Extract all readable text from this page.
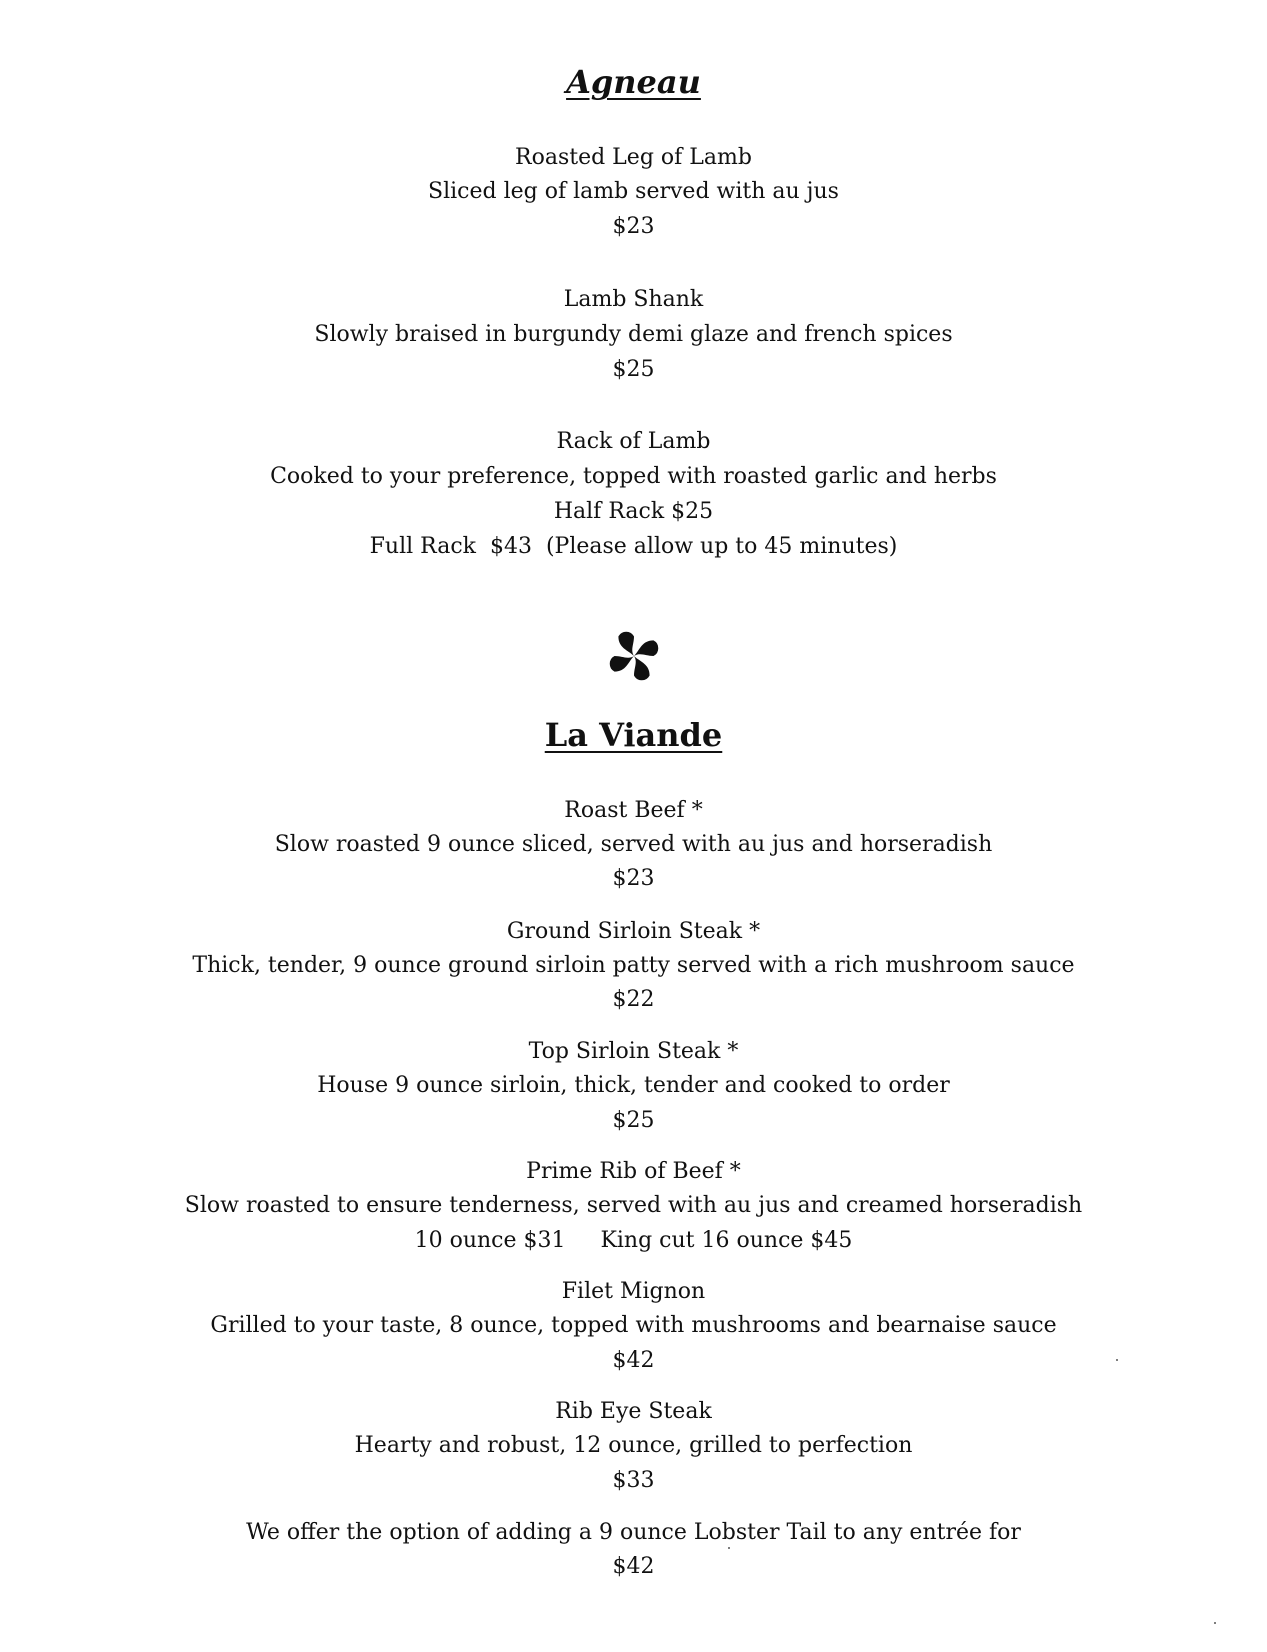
Agneau
Roasted Leg of Lamb
Sliced leg of lamb served with au jus
$23
Lamb Shank
Slowly braised in burgundy demi glaze and french spices
$25
Rack of Lamb
Cooked to your preference, topped with roasted garlic and herbs
Half Rack $25
Full Rack  $43  (Please allow up to 45 minutes)
La Viande
Roast Beef *
Slow roasted 9 ounce sliced, served with au jus and horseradish
$23
Ground Sirloin Steak *
Thick, tender, 9 ounce ground sirloin patty served with a rich mushroom sauce
$22
Top Sirloin Steak *
House 9 ounce sirloin, thick, tender and cooked to order
$25
Prime Rib of Beef *
Slow roasted to ensure tenderness, served with au jus and creamed horseradish
10 ounce $31     King cut 16 ounce $45
Filet Mignon
Grilled to your taste, 8 ounce, topped with mushrooms and bearnaise sauce
$42
Rib Eye Steak
Hearty and robust, 12 ounce, grilled to perfection
$33
We offer the option of adding a 9 ounce Lobster Tail to any entrée for
$42
